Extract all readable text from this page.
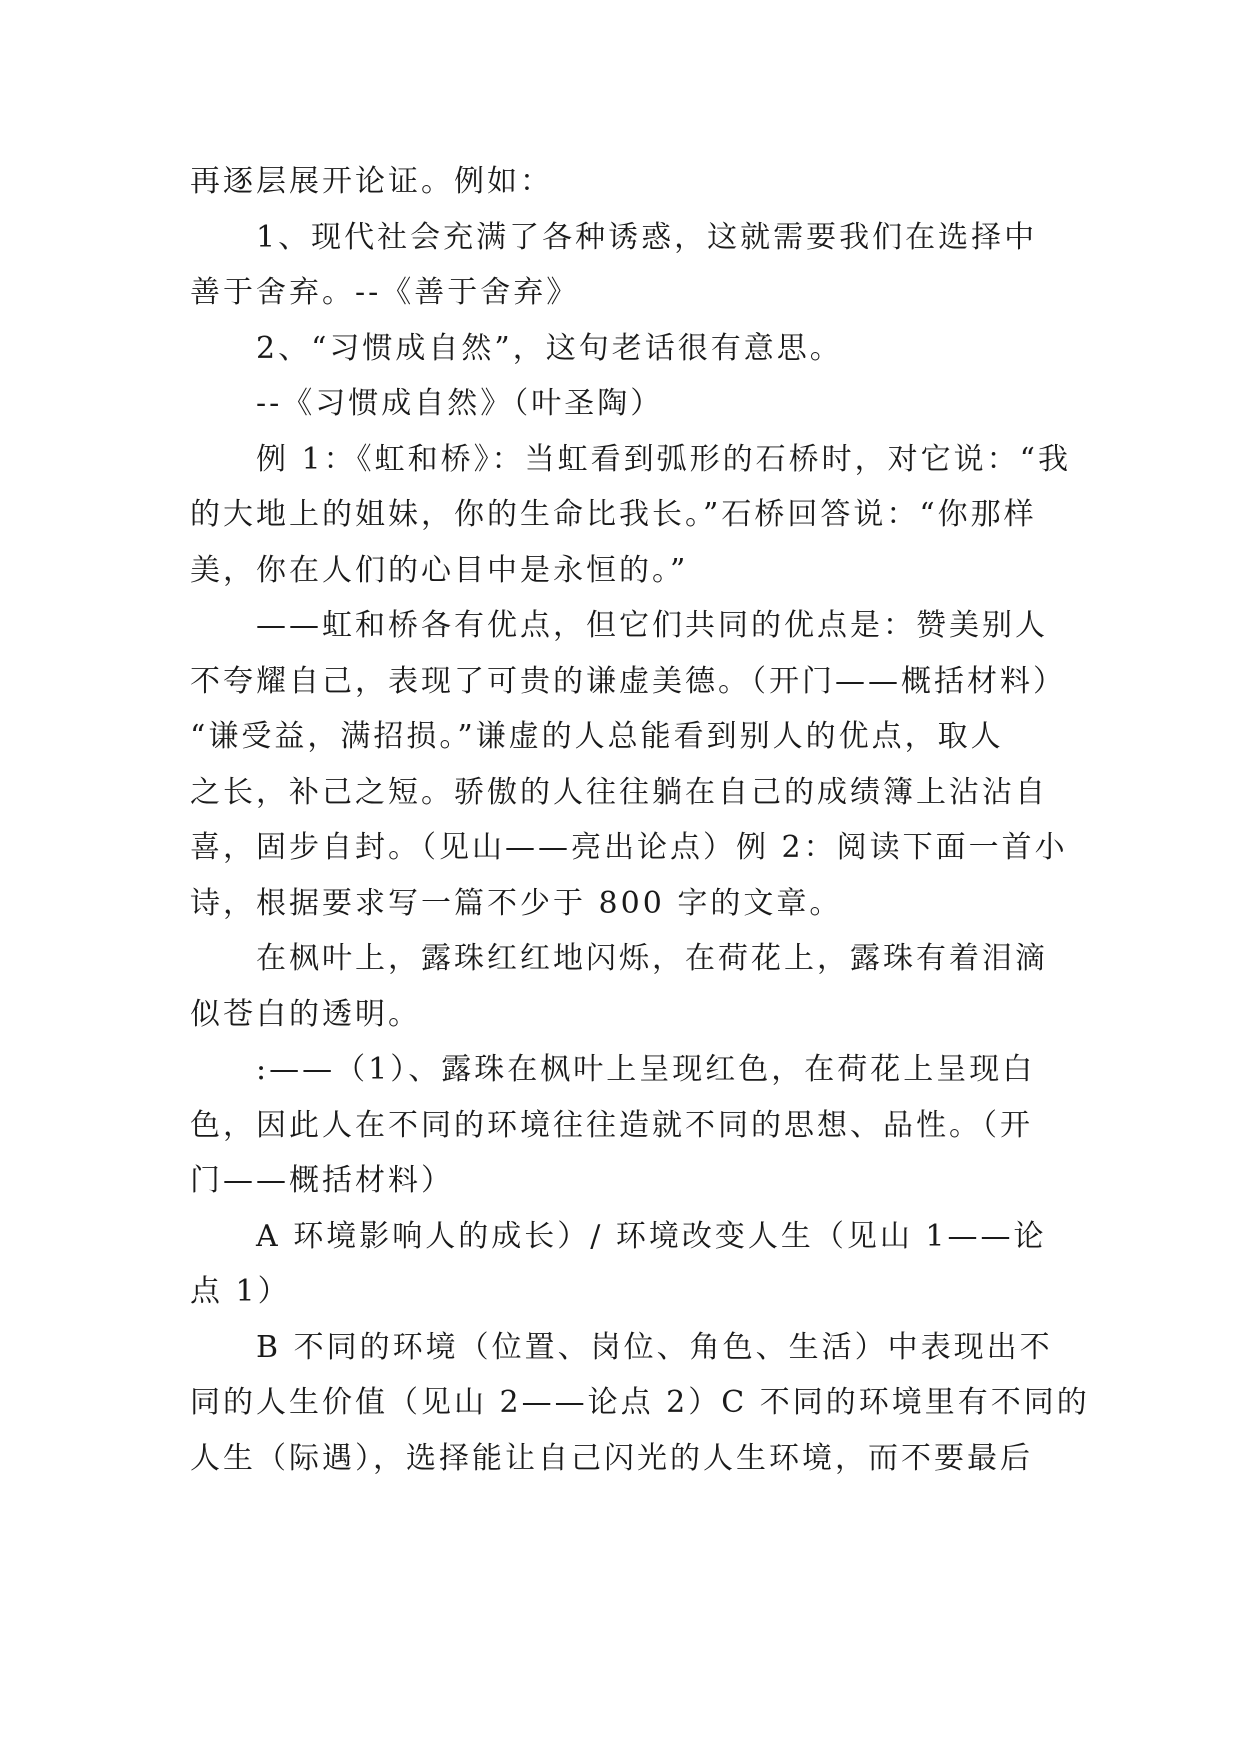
再逐层展开论证。例如：
1、现代社会充满了各种诱惑，这就需要我们在选择中
善于舍弃。--《善于舍弃》
2、“习惯成自然”，这句老话很有意思。
--《习惯成自然》（叶圣陶）
例 1：《虹和桥》：当虹看到弧形的石桥时，对它说：“我
的大地上的姐妹，你的生命比我长。”石桥回答说：“你那样
美，你在人们的心目中是永恒的。”
——虹和桥各有优点，但它们共同的优点是：赞美别人
不夸耀自己，表现了可贵的谦虚美德。（开门——概括材料）
“谦受益，满招损。”谦虚的人总能看到别人的优点，取人
之长，补己之短。骄傲的人往往躺在自己的成绩簿上沾沾自
喜，固步自封。（见山——亮出论点）例 2：阅读下面一首小
诗，根据要求写一篇不少于 800 字的文章。
在枫叶上，露珠红红地闪烁，在荷花上，露珠有着泪滴
似苍白的透明。
:——（1）、露珠在枫叶上呈现红色，在荷花上呈现白
色，因此人在不同的环境往往造就不同的思想、品性。（开
门——概括材料）
A 环境影响人的成长）/ 环境改变人生（见山 1——论
点 1）
B 不同的环境（位置、岗位、角色、生活）中表现出不
同的人生价值（见山 2——论点 2）C 不同的环境里有不同的
人生（际遇），选择能让自己闪光的人生环境，而不要最后
